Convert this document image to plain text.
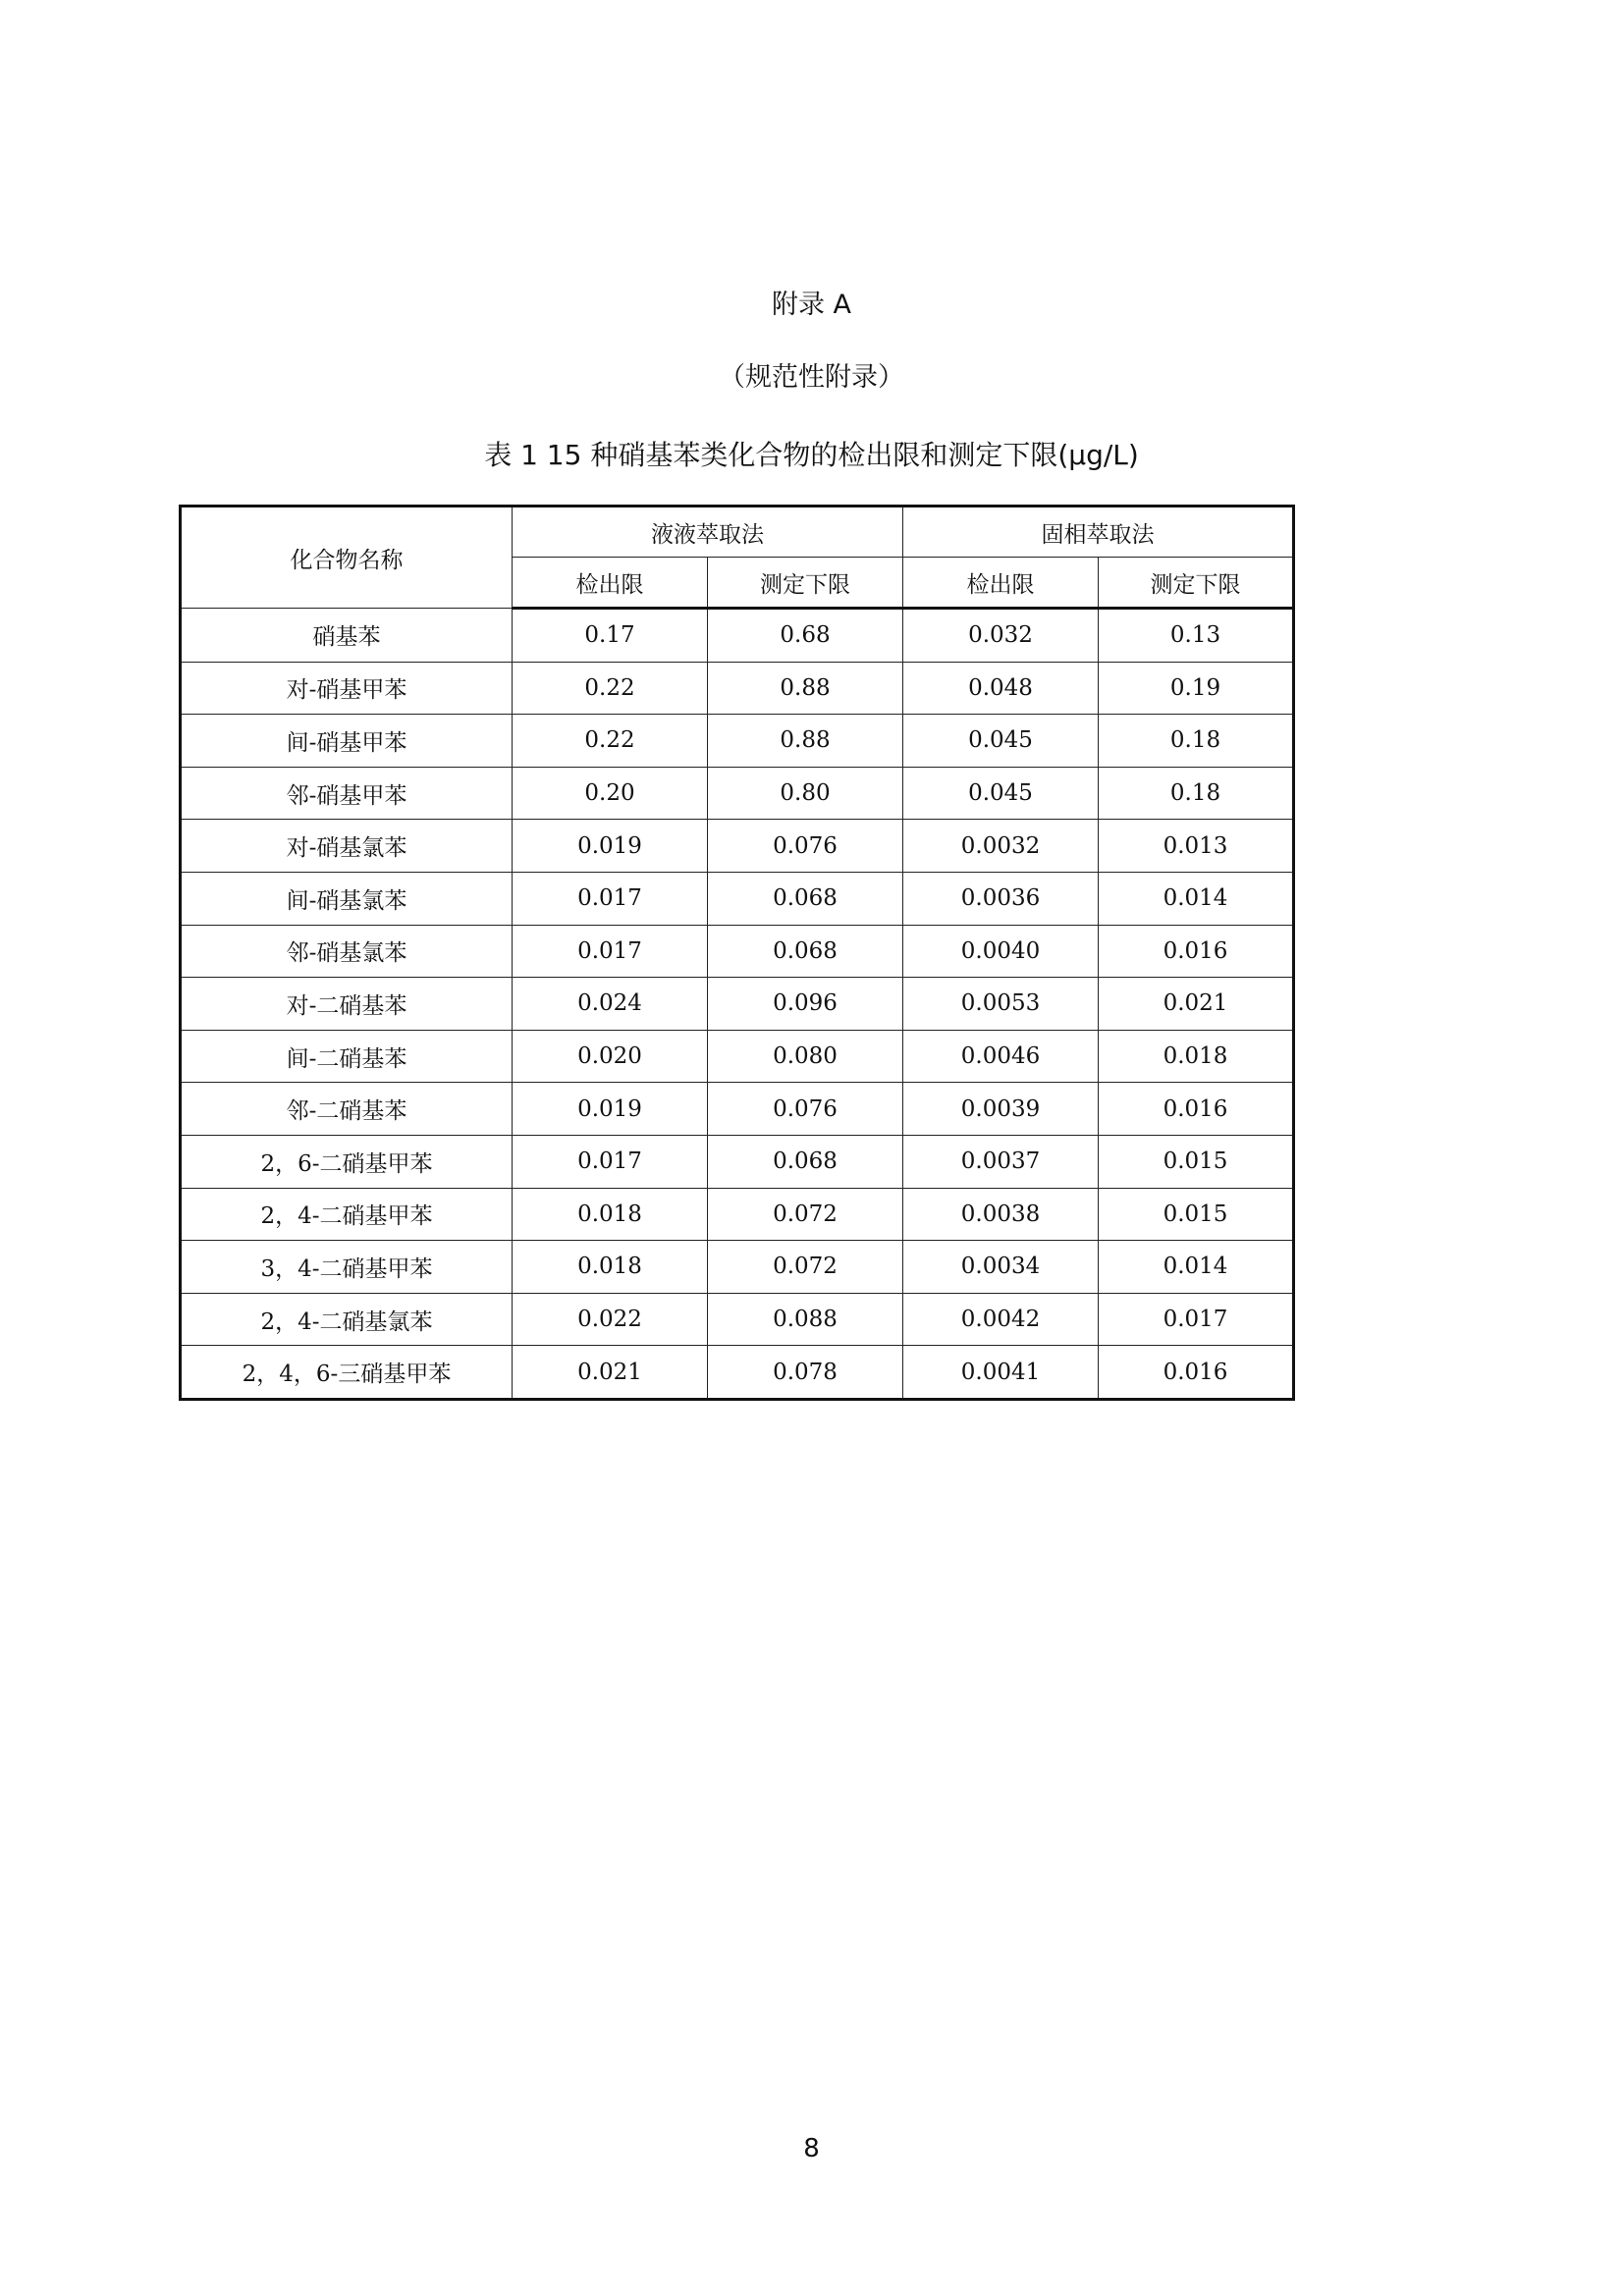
附录 A
（规范性附录）
表 1 15 种硝基苯类化合物的检出限和测定下限(μg/L)
化合物名称	液液萃取法		固相萃取法	
	检出限	测定下限	检出限	测定下限
硝基苯	0.17	0.68	0.032	0.13
对-硝基甲苯	0.22	0.88	0.048	0.19
间-硝基甲苯	0.22	0.88	0.045	0.18
邻-硝基甲苯	0.20	0.80	0.045	0.18
对-硝基氯苯	0.019	0.076	0.0032	0.013
间-硝基氯苯	0.017	0.068	0.0036	0.014
邻-硝基氯苯	0.017	0.068	0.0040	0.016
对-二硝基苯	0.024	0.096	0.0053	0.021
间-二硝基苯	0.020	0.080	0.0046	0.018
邻-二硝基苯	0.019	0.076	0.0039	0.016
2，6-二硝基甲苯	0.017	0.068	0.0037	0.015
2，4-二硝基甲苯	0.018	0.072	0.0038	0.015
3，4-二硝基甲苯	0.018	0.072	0.0034	0.014
2，4-二硝基氯苯	0.022	0.088	0.0042	0.017
2，4，6-三硝基甲苯	0.021	0.078	0.0041	0.016
8
